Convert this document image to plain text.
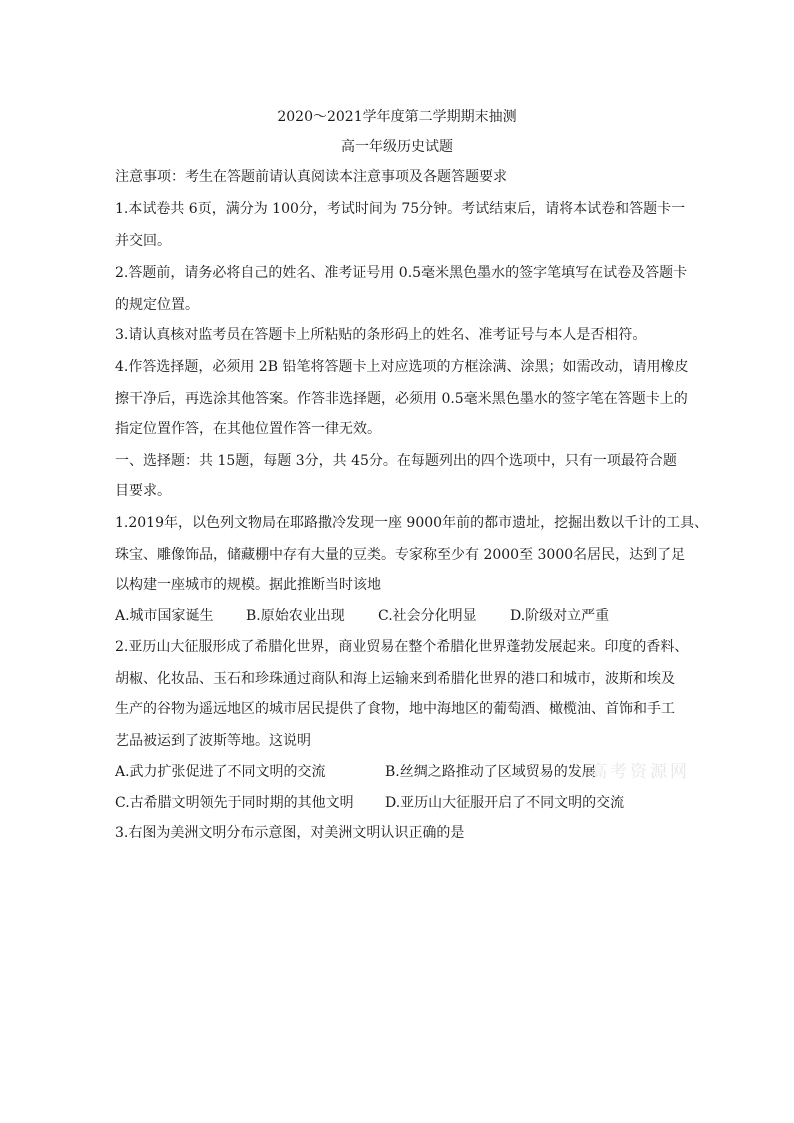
2020～2021学年度第二学期期末抽测
高一年级历史试题
注意事项：考生在答题前请认真阅读本注意事项及各题答题要求
1.本试卷共 6页，满分为 100分，考试时间为 75分钟。考试结束后，请将本试卷和答题卡一
并交回。
2.答题前，请务必将自己的姓名、准考证号用 0.5毫米黑色墨水的签字笔填写在试卷及答题卡
的规定位置。
3.请认真核对监考员在答题卡上所粘贴的条形码上的姓名、准考证号与本人是否相符。
4.作答选择题，必须用 2B 铅笔将答题卡上对应选项的方框涂满、涂黑；如需改动，请用橡皮
擦干净后，再选涂其他答案。作答非选择题，必须用 0.5毫米黑色墨水的签字笔在答题卡上的
指定位置作答，在其他位置作答一律无效。
一、选择题：共 15题，每题 3分，共 45分。在每题列出的四个选项中，只有一项最符合题
目要求。
1.2019年，以色列文物局在耶路撒冷发现一座 9000年前的都市遗址，挖掘出数以千计的工具、
珠宝、雕像饰品，储藏棚中存有大量的豆类。专家称至少有 2000至 3000名居民，达到了足
以构建一座城市的规模。据此推断当时该地
A.城市国家诞生 B.原始农业出现 C.社会分化明显 D.阶级对立严重
2.亚历山大征服形成了希腊化世界，商业贸易在整个希腊化世界蓬勃发展起来。印度的香料、
胡椒、化妆品、玉石和珍珠通过商队和海上运输来到希腊化世界的港口和城市，波斯和埃及
生产的谷物为遥远地区的城市居民提供了食物，地中海地区的葡萄酒、橄榄油、首饰和手工
艺品被运到了波斯等地。这说明
A.武力扩张促进了不同文明的交流	B.丝绸之路推动了区域贸易的发展
C.古希腊文明领先于同时期的其他文明 D.亚历山大征服开启了不同文明的交流
3.右图为美洲文明分布示意图，对美洲文明认识正确的是
高考资源网
